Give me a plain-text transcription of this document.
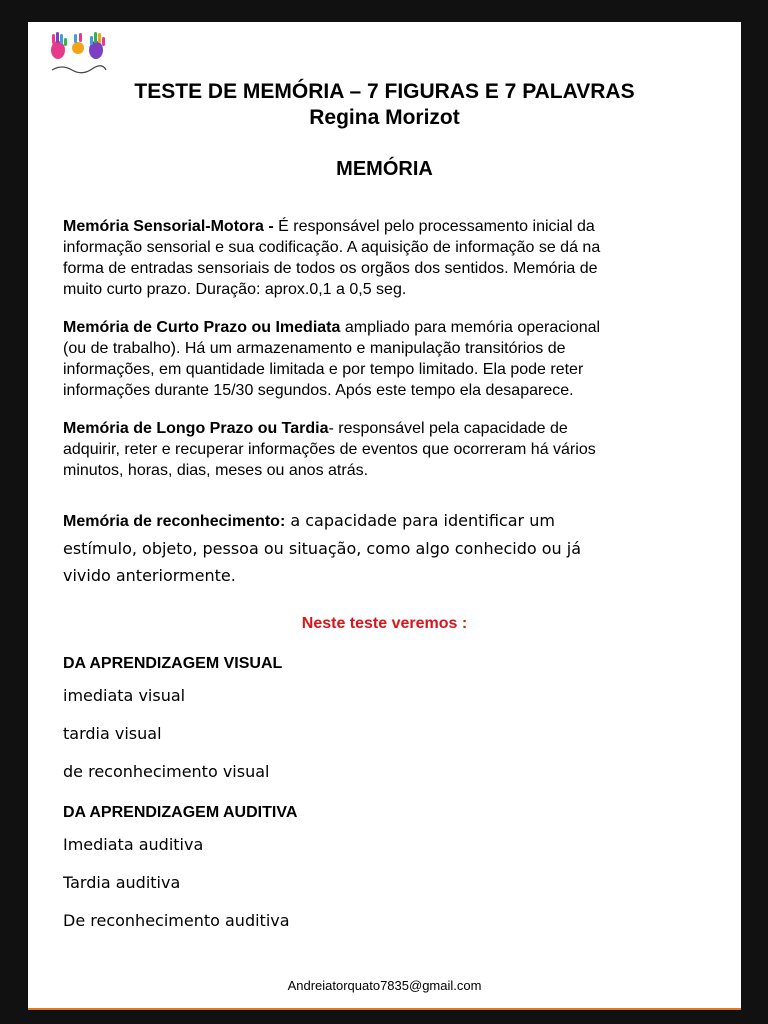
TESTE DE MEMÓRIA – 7 FIGURAS E 7 PALAVRAS
Regina Morizot
MEMÓRIA
Memória Sensorial-Motora - É responsável pelo processamento inicial da
informação sensorial e sua codificação. A aquisição de informação se dá na
forma de entradas sensoriais de todos os orgãos dos sentidos. Memória de
muito curto prazo. Duração: aprox.0,1 a 0,5 seg.
Memória de Curto Prazo ou Imediata ampliado para memória operacional
(ou de trabalho). Há um armazenamento e manipulação transitórios de
informações, em quantidade limitada e por tempo limitado. Ela pode reter
informações durante 15/30 segundos. Após este tempo ela desaparece.
Memória de Longo Prazo ou Tardia- responsável pela capacidade de
adquirir, reter e recuperar informações de eventos que ocorreram há vários
minutos, horas, dias, meses ou anos atrás.
Memória de reconhecimento: a capacidade para identificar um
estímulo, objeto, pessoa ou situação, como algo conhecido ou já
vivido anteriormente.
Neste teste veremos :
DA APRENDIZAGEM VISUAL
imediata visual
tardia visual
de reconhecimento visual
DA APRENDIZAGEM AUDITIVA
Imediata auditiva
Tardia auditiva
De reconhecimento auditiva
Andreiatorquato7835@gmail.com
